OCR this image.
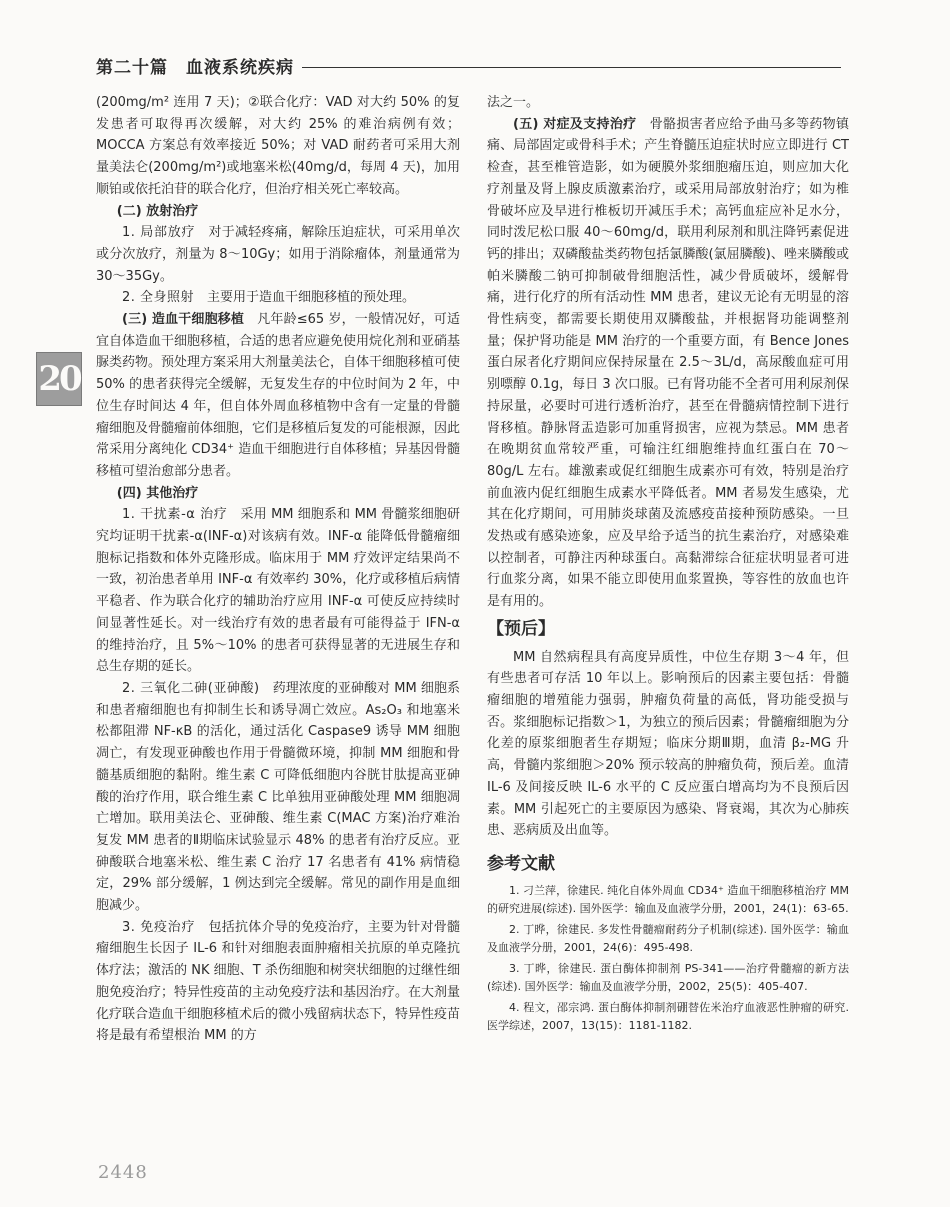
第二十篇　血液系统疾病
20

(200mg/m² 连用 7 天)；②联合化疗：VAD 对大约 50% 的复发患者可取得再次缓解，对大约 25% 的难治病例有效；MOCCA 方案总有效率接近 50%；对 VAD 耐药者可采用大剂量美法仑(200mg/m²)或地塞米松(40mg/d，每周 4 天)，加用顺铂或依托泊苷的联合化疗，但治疗相关死亡率较高。

(二) 放射治疗

1. 局部放疗　对于减轻疼痛，解除压迫症状，可采用单次或分次放疗，剂量为 8～10Gy；如用于消除瘤体，剂量通常为 30～35Gy。

2. 全身照射　主要用于造血干细胞移植的预处理。

(三) 造血干细胞移植　凡年龄≤65 岁，一般情况好，可适宜自体造血干细胞移植，合适的患者应避免使用烷化剂和亚硝基脲类药物。预处理方案采用大剂量美法仑，自体干细胞移植可使 50% 的患者获得完全缓解，无复发生存的中位时间为 2 年，中位生存时间达 4 年，但自体外周血移植物中含有一定量的骨髓瘤细胞及骨髓瘤前体细胞，它们是移植后复发的可能根源，因此常采用分离纯化 CD34⁺ 造血干细胞进行自体移植；异基因骨髓移植可望治愈部分患者。

(四) 其他治疗

1. 干扰素-α 治疗　采用 MM 细胞系和 MM 骨髓浆细胞研究均证明干扰素-α(INF-α)对该病有效。INF-α 能降低骨髓瘤细胞标记指数和体外克隆形成。临床用于 MM 疗效评定结果尚不一致，初治患者单用 INF-α 有效率约 30%，化疗或移植后病情平稳者、作为联合化疗的辅助治疗应用 INF-α 可使反应持续时间显著性延长。对一线治疗有效的患者最有可能得益于 IFN-α 的维持治疗，且 5%～10% 的患者可获得显著的无进展生存和总生存期的延长。

2. 三氧化二砷(亚砷酸)　药理浓度的亚砷酸对 MM 细胞系和患者瘤细胞也有抑制生长和诱导凋亡效应。As₂O₃ 和地塞米松都阻滞 NF-κB 的活化，通过活化 Caspase9 诱导 MM 细胞凋亡，有发现亚砷酸也作用于骨髓微环境，抑制 MM 细胞和骨髓基质细胞的黏附。维生素 C 可降低细胞内谷胱甘肽提高亚砷酸的治疗作用，联合维生素 C 比单独用亚砷酸处理 MM 细胞凋亡增加。联用美法仑、亚砷酸、维生素 C(MAC 方案)治疗难治复发 MM 患者的Ⅱ期临床试验显示 48% 的患者有治疗反应。亚砷酸联合地塞米松、维生素 C 治疗 17 名患者有 41% 病情稳定，29% 部分缓解，1 例达到完全缓解。常见的副作用是血细胞减少。

3. 免疫治疗　包括抗体介导的免疫治疗，主要为针对骨髓瘤细胞生长因子 IL-6 和针对细胞表面肿瘤相关抗原的单克隆抗体疗法；激活的 NK 细胞、T 杀伤细胞和树突状细胞的过继性细胞免疫治疗；特异性疫苗的主动免疫疗法和基因治疗。在大剂量化疗联合造血干细胞移植术后的微小残留病状态下，特异性疫苗将是最有希望根治 MM 的方

法之一。

(五) 对症及支持治疗　骨骼损害者应给予曲马多等药物镇痛、局部固定或骨科手术；产生脊髓压迫症状时应立即进行 CT 检查，甚至椎管造影，如为硬膜外浆细胞瘤压迫，则应加大化疗剂量及肾上腺皮质激素治疗，或采用局部放射治疗；如为椎骨破坏应及早进行椎板切开减压手术；高钙血症应补足水分，同时泼尼松口服 40～60mg/d，联用利尿剂和肌注降钙素促进钙的排出；双磷酸盐类药物包括氯膦酸(氯屈膦酸)、唑来膦酸或帕米膦酸二钠可抑制破骨细胞活性，减少骨质破坏，缓解骨痛，进行化疗的所有活动性 MM 患者，建议无论有无明显的溶骨性病变，都需要长期使用双膦酸盐，并根据肾功能调整剂量；保护肾功能是 MM 治疗的一个重要方面，有 Bence Jones 蛋白尿者化疗期间应保持尿量在 2.5～3L/d，高尿酸血症可用别嘌醇 0.1g，每日 3 次口服。已有肾功能不全者可用利尿剂保持尿量，必要时可进行透析治疗，甚至在骨髓病情控制下进行肾移植。静脉肾盂造影可加重肾损害，应视为禁忌。MM 患者在晚期贫血常较严重，可输注红细胞维持血红蛋白在 70～80g/L 左右。雄激素或促红细胞生成素亦可有效，特别是治疗前血液内促红细胞生成素水平降低者。MM 者易发生感染，尤其在化疗期间，可用肺炎球菌及流感疫苗接种预防感染。一旦发热或有感染迹象，应及早给予适当的抗生素治疗，对感染难以控制者，可静注丙种球蛋白。高黏滞综合征症状明显者可进行血浆分离，如果不能立即使用血浆置换，等容性的放血也许是有用的。

【预后】

MM 自然病程具有高度异质性，中位生存期 3～4 年，但有些患者可存活 10 年以上。影响预后的因素主要包括：骨髓瘤细胞的增殖能力强弱，肿瘤负荷量的高低，肾功能受损与否。浆细胞标记指数＞1，为独立的预后因素；骨髓瘤细胞为分化差的原浆细胞者生存期短；临床分期Ⅲ期，血清 β₂-MG 升高，骨髓内浆细胞＞20% 预示较高的肿瘤负荷，预后差。血清 IL-6 及间接反映 IL-6 水平的 C 反应蛋白增高均为不良预后因素。MM 引起死亡的主要原因为感染、肾衰竭，其次为心肺疾患、恶病质及出血等。

参考文献

1. 刁兰萍，徐建民. 纯化自体外周血 CD34⁺ 造血干细胞移植治疗 MM 的研究进展(综述). 国外医学：输血及血液学分册，2001，24(1)：63-65.

2. 丁晔，徐建民. 多发性骨髓瘤耐药分子机制(综述). 国外医学：输血及血液学分册，2001，24(6)：495-498.

3. 丁晔，徐建民. 蛋白酶体抑制剂 PS-341——治疗骨髓瘤的新方法(综述). 国外医学：输血及血液学分册，2002，25(5)：405-407.

4. 程文，邵宗鸿. 蛋白酶体抑制剂硼替佐米治疗血液恶性肿瘤的研究. 医学综述，2007，13(15)：1181-1182.

2448
